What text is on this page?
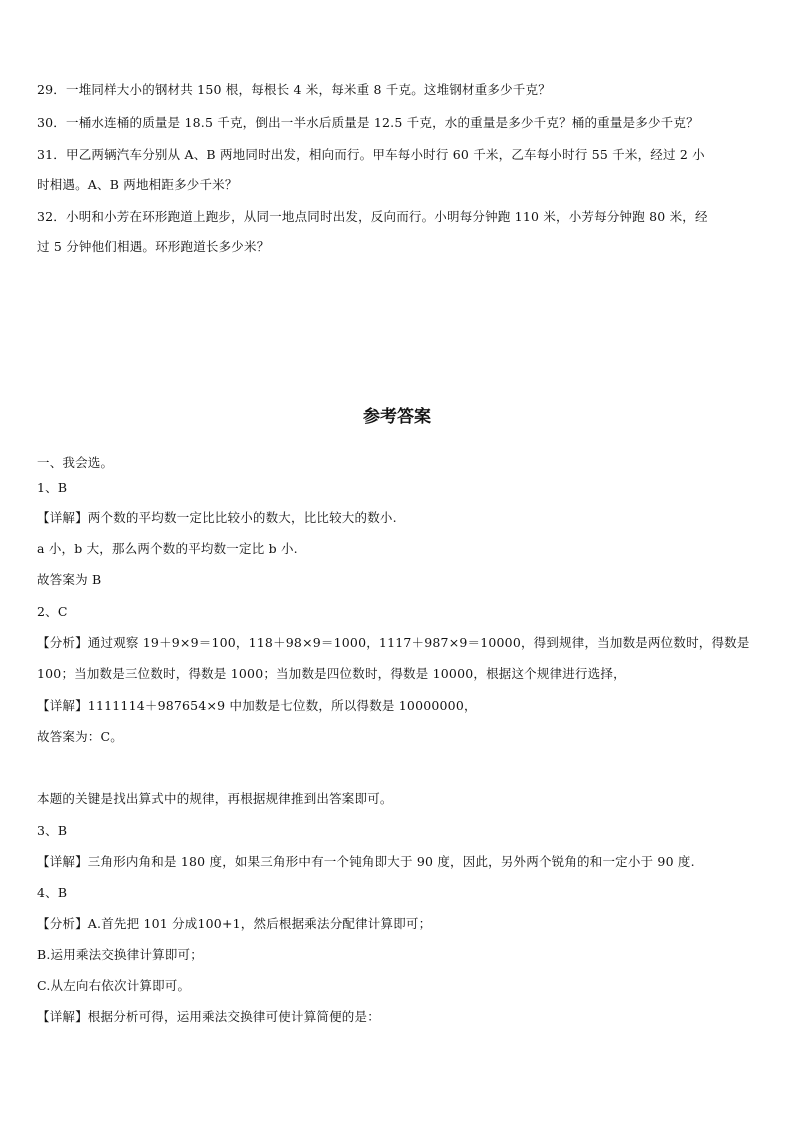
29．一堆同样大小的钢材共 150 根，每根长 4 米，每米重 8 千克。这堆钢材重多少千克？
30．一桶水连桶的质量是 18.5 千克，倒出一半水后质量是 12.5 千克，水的重量是多少千克？桶的重量是多少千克？
31．甲乙两辆汽车分别从 A、B 两地同时出发，相向而行。甲车每小时行 60 千米，乙车每小时行 55 千米，经过 2 小
时相遇。A、B 两地相距多少千米？
32．小明和小芳在环形跑道上跑步，从同一地点同时出发，反向而行。小明每分钟跑 110 米，小芳每分钟跑 80 米，经
过 5 分钟他们相遇。环形跑道长多少米？
参考答案
一、我会选。
1、B
【详解】两个数的平均数一定比比较小的数大，比比较大的数小.
a 小，b 大，那么两个数的平均数一定比 b 小.
故答案为 B
2、C
【分析】通过观察 19＋9×9＝100，118＋98×9＝1000，1117＋987×9＝10000，得到规律，当加数是两位数时，得数是
100；当加数是三位数时，得数是 1000；当加数是四位数时，得数是 10000，根据这个规律进行选择，
【详解】1111114＋987654×9 中加数是七位数，所以得数是 10000000，
故答案为：C。
本题的关键是找出算式中的规律，再根据规律推到出答案即可。
3、B
【详解】三角形内角和是 180 度，如果三角形中有一个钝角即大于 90 度，因此，另外两个锐角的和一定小于 90 度.
4、B
【分析】A.首先把 101 分成100+1，然后根据乘法分配律计算即可；
B.运用乘法交换律计算即可；
C.从左向右依次计算即可。
【详解】根据分析可得，运用乘法交换律可使计算简便的是：
